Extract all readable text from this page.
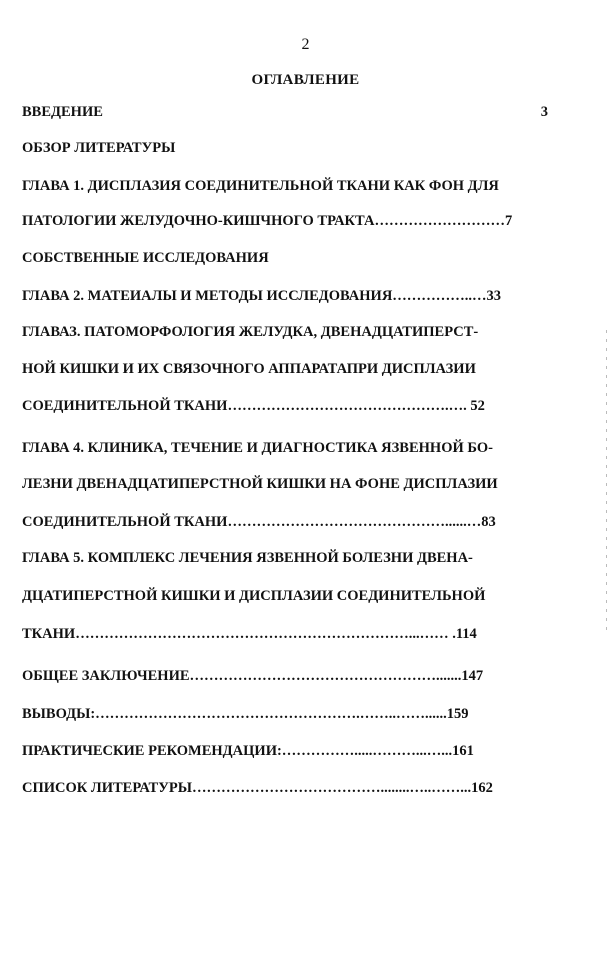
2
ОГЛАВЛЕНИЕ
ВВЕДЕНИЕ	3
ОБЗОР ЛИТЕРАТУРЫ
ГЛАВА 1. ДИСПЛАЗИЯ СОЕДИНИТЕЛЬНОЙ ТКАНИ КАК ФОН ДЛЯ
ПАТОЛОГИИ ЖЕЛУДОЧНО-КИШЧНОГО ТРАКТА………………………7
СОБСТВЕННЫЕ ИССЛЕДОВАНИЯ
ГЛАВА 2. МАТЕИАЛЫ И МЕТОДЫ ИССЛЕДОВАНИЯ……………..…33
ГЛАВАЗ. ПАТОМОРФОЛОГИЯ ЖЕЛУДКА, ДВЕНАДЦАТИПЕРСТ-
НОЙ КИШКИ И ИХ СВЯЗОЧНОГО АППАРАТАПРИ ДИСПЛАЗИИ
СОЕДИНИТЕЛЬНОЙ ТКАНИ……………………………………….…. 52
ГЛАВА 4. КЛИНИКА, ТЕЧЕНИЕ И ДИАГНОСТИКА ЯЗВЕННОЙ БО-
ЛЕЗНИ ДВЕНАДЦАТИПЕРСТНОЙ КИШКИ НА ФОНЕ ДИСПЛАЗИИ
СОЕДИНИТЕЛЬНОЙ ТКАНИ………………………………………......…83
ГЛАВА 5. КОМПЛЕКС ЛЕЧЕНИЯ ЯЗВЕННОЙ БОЛЕЗНИ ДВЕНА-
ДЦАТИПЕРСТНОЙ КИШКИ И ДИСПЛАЗИИ СОЕДИНИТЕЛЬНОЙ
ТКАНИ……………………………………………………………...…… .114
ОБЩЕЕ ЗАКЛЮЧЕНИЕ…………………………………………….......147
ВЫВОДЫ:……………………………………………….……..……......159
ПРАКТИЧЕСКИЕ РЕКОМЕНДАЦИИ:…………….....………...…...161
СПИСОК ЛИТЕРАТУРЫ…………………………………........…..……...162
